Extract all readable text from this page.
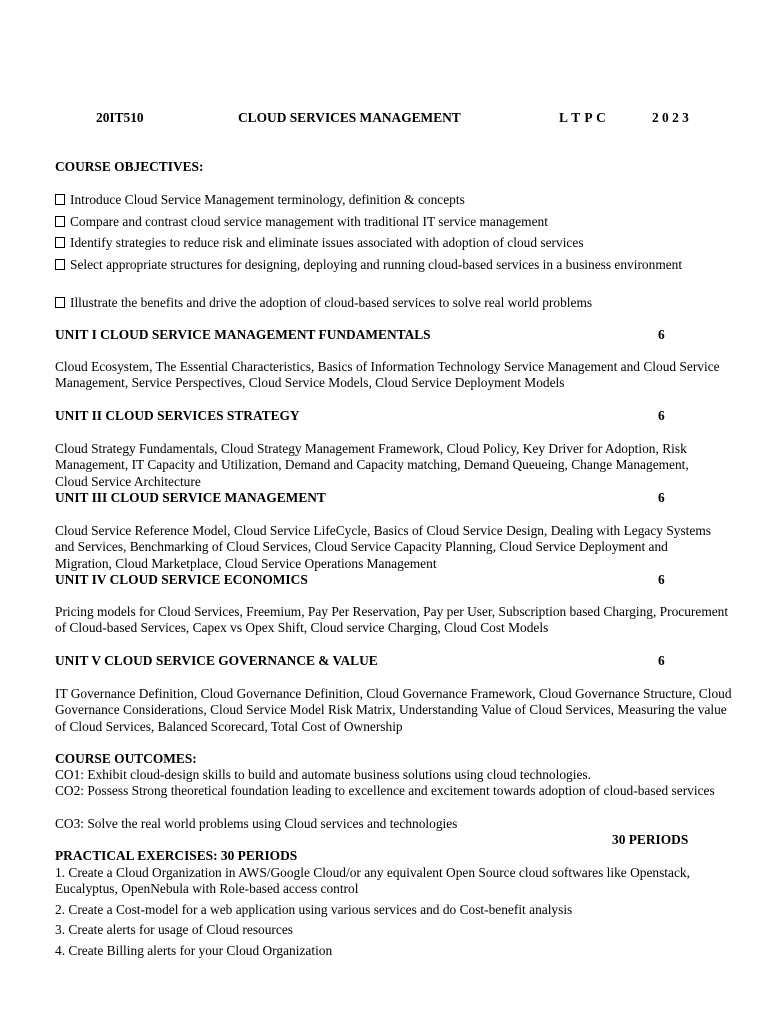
20IT510	CLOUD SERVICES MANAGEMENT	L T P C	2 0 2 3
COURSE OBJECTIVES:
Introduce Cloud Service Management terminology, definition & concepts
Compare and contrast cloud service management with traditional IT service management
Identify strategies to reduce risk and eliminate issues associated with adoption of cloud services
Select appropriate structures for designing, deploying and running cloud-based services in a business environment
Illustrate the benefits and drive the adoption of cloud-based services to solve real world problems
UNIT I CLOUD SERVICE MANAGEMENT FUNDAMENTALS	6
Cloud Ecosystem, The Essential Characteristics, Basics of Information Technology Service Management and Cloud Service Management, Service Perspectives, Cloud Service Models, Cloud Service Deployment Models
UNIT II CLOUD SERVICES STRATEGY	6
Cloud Strategy Fundamentals, Cloud Strategy Management Framework, Cloud Policy, Key Driver for Adoption, Risk Management, IT Capacity and Utilization, Demand and Capacity matching, Demand Queueing, Change Management, Cloud Service Architecture
UNIT III CLOUD SERVICE MANAGEMENT	6
Cloud Service Reference Model, Cloud Service LifeCycle, Basics of Cloud Service Design, Dealing with Legacy Systems and Services, Benchmarking of Cloud Services, Cloud Service Capacity Planning, Cloud Service Deployment and Migration, Cloud Marketplace, Cloud Service Operations Management
UNIT IV CLOUD SERVICE ECONOMICS	6
Pricing models for Cloud Services, Freemium, Pay Per Reservation, Pay per User, Subscription based Charging, Procurement of Cloud-based Services, Capex vs Opex Shift, Cloud service Charging, Cloud Cost Models
UNIT V CLOUD SERVICE GOVERNANCE & VALUE	6
IT Governance Definition, Cloud Governance Definition, Cloud Governance Framework, Cloud Governance Structure, Cloud Governance Considerations, Cloud Service Model Risk Matrix, Understanding Value of Cloud Services, Measuring the value of Cloud Services, Balanced Scorecard, Total Cost of Ownership
COURSE OUTCOMES:
CO1: Exhibit cloud-design skills to build and automate business solutions using cloud technologies.
CO2: Possess Strong theoretical foundation leading to excellence and excitement towards adoption of cloud-based services
CO3: Solve the real world problems using Cloud services and technologies
30 PERIODS
PRACTICAL EXERCISES: 30 PERIODS
1. Create a Cloud Organization in AWS/Google Cloud/or any equivalent Open Source cloud softwares like Openstack, Eucalyptus, OpenNebula with Role-based access control
2. Create a Cost-model for a web application using various services and do Cost-benefit analysis
3. Create alerts for usage of Cloud resources
4. Create Billing alerts for your Cloud Organization
